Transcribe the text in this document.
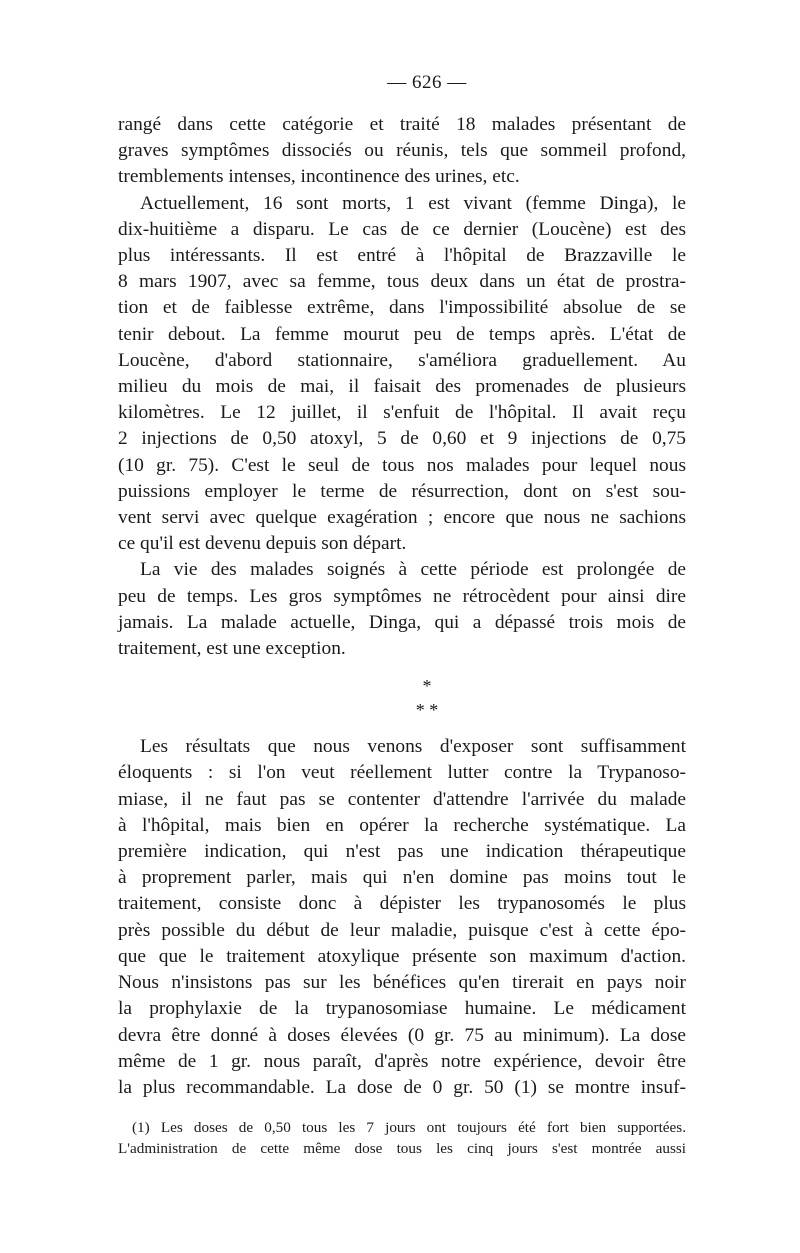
— 626 —

rangé dans cette catégorie et traité 18 malades présentant de
graves symptômes dissociés ou réunis, tels que sommeil profond,
tremblements intenses, incontinence des urines, etc.

Actuellement, 16 sont morts, 1 est vivant (femme Dinga), le
dix-huitième a disparu. Le cas de ce dernier (Loucène) est des
plus intéressants. Il est entré à l'hôpital de Brazzaville le
8 mars 1907, avec sa femme, tous deux dans un état de prostra-
tion et de faiblesse extrême, dans l'impossibilité absolue de se
tenir debout. La femme mourut peu de temps après. L'état de
Loucène, d'abord stationnaire, s'améliora graduellement. Au
milieu du mois de mai, il faisait des promenades de plusieurs
kilomètres. Le 12 juillet, il s'enfuit de l'hôpital. Il avait reçu
2 injections de 0,50 atoxyl, 5 de 0,60 et 9 injections de 0,75
(10 gr. 75). C'est le seul de tous nos malades pour lequel nous
puissions employer le terme de résurrection, dont on s'est sou-
vent servi avec quelque exagération ; encore que nous ne sachions
ce qu'il est devenu depuis son départ.

La vie des malades soignés à cette période est prolongée de
peu de temps. Les gros symptômes ne rétrocèdent pour ainsi dire
jamais. La malade actuelle, Dinga, qui a dépassé trois mois de
traitement, est une exception.

*
* *

Les résultats que nous venons d'exposer sont suffisamment
éloquents : si l'on veut réellement lutter contre la Trypanoso-
miase, il ne faut pas se contenter d'attendre l'arrivée du malade
à l'hôpital, mais bien en opérer la recherche systématique. La
première indication, qui n'est pas une indication thérapeutique
à proprement parler, mais qui n'en domine pas moins tout le
traitement, consiste donc à dépister les trypanosomés le plus
près possible du début de leur maladie, puisque c'est à cette épo-
que que le traitement atoxylique présente son maximum d'action.
Nous n'insistons pas sur les bénéfices qu'en tirerait en pays noir
la prophylaxie de la trypanosomiase humaine. Le médicament
devra être donné à doses élevées (0 gr. 75 au minimum). La dose
même de 1 gr. nous paraît, d'après notre expérience, devoir être
la plus recommandable. La dose de 0 gr. 50 (1) se montre insuf-

(1) Les doses de 0,50 tous les 7 jours ont toujours été fort bien supportées.
L'administration de cette même dose tous les cinq jours s'est montrée aussi
